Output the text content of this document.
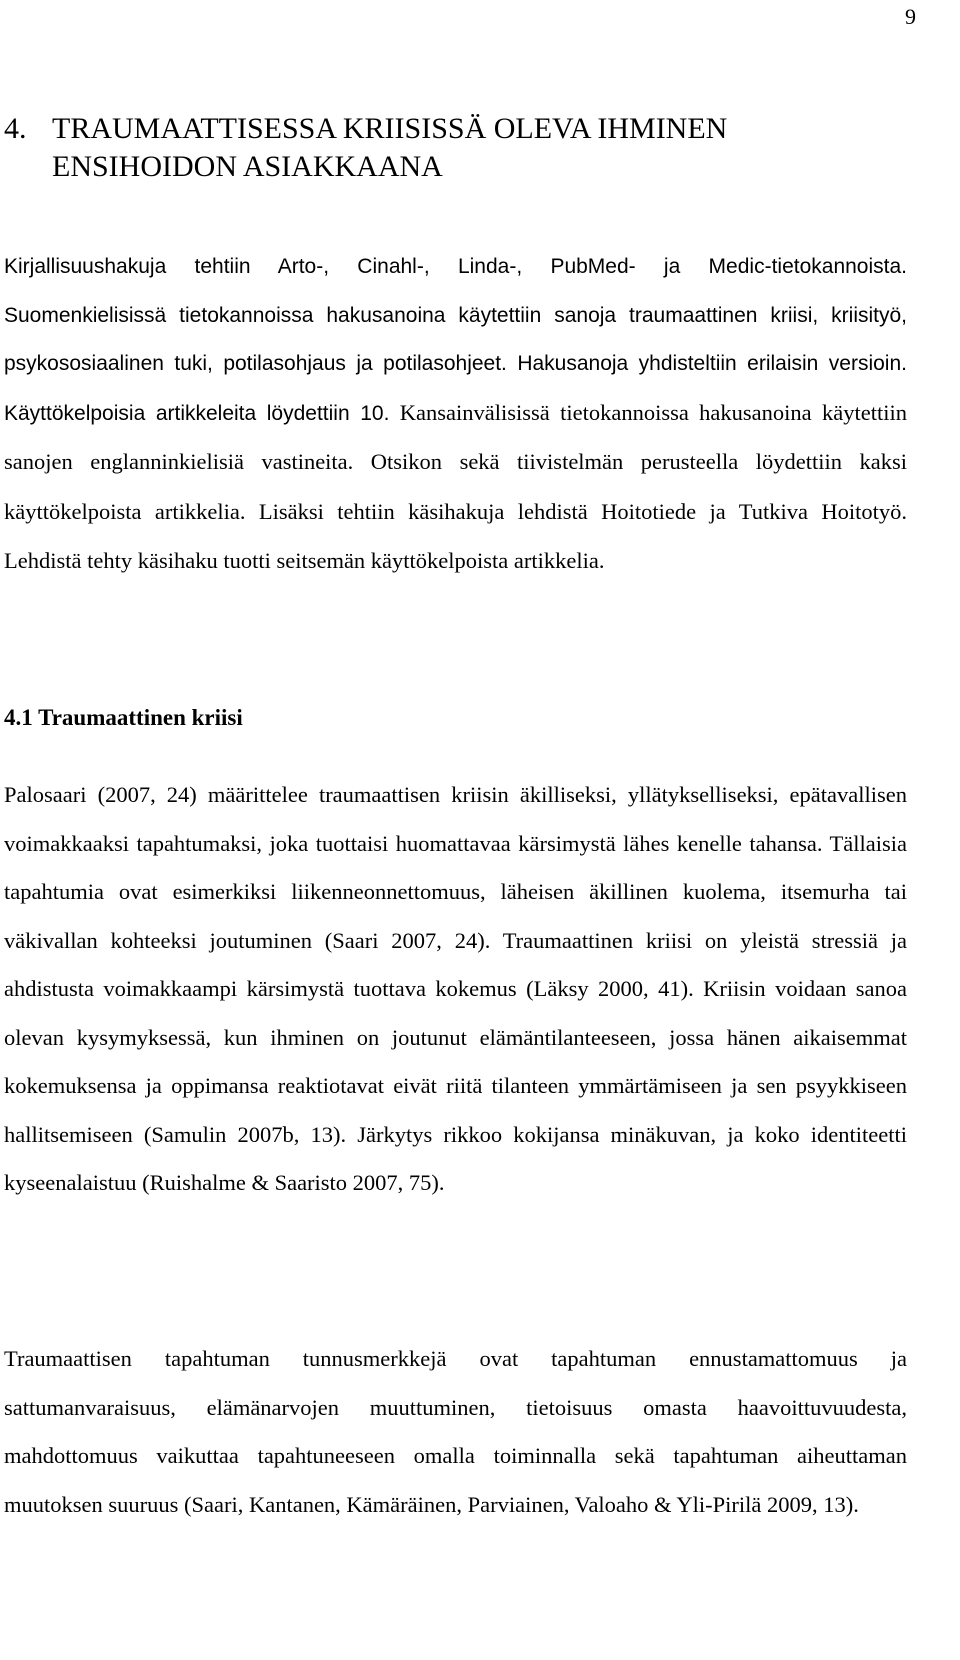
9
4. TRAUMAATTISESSA KRIISISSÄ OLEVA IHMINEN
ENSIHOIDON ASIAKKAANA

Kirjallisuushakuja tehtiin Arto-, Cinahl-, Linda-, PubMed- ja Medic-tietokannoista. Suomenkielisissä tietokannoissa hakusanoina käytettiin sanoja traumaattinen kriisi, kriisityö, psykososiaalinen tuki, potilasohjaus ja potilasohjeet. Hakusanoja yhdisteltiin erilaisin versioin. Käyttökelpoisia artikkeleita löydettiin 10. Kansainvälisissä tietokannoissa hakusanoina käytettiin sanojen englanninkielisiä vastineita. Otsikon sekä tiivistelmän perusteella löydettiin kaksi käyttökelpoista artikkelia. Lisäksi tehtiin käsihakuja lehdistä Hoitotiede ja Tutkiva Hoitotyö. Lehdistä tehty käsihaku tuotti seitsemän käyttökelpoista artikkelia.

4.1 Traumaattinen kriisi

Palosaari (2007, 24) määrittelee traumaattisen kriisin äkilliseksi, yllätykselliseksi, epätavallisen voimakkaaksi tapahtumaksi, joka tuottaisi huomattavaa kärsimystä lähes kenelle tahansa. Tällaisia tapahtumia ovat esimerkiksi liikenneonnettomuus, läheisen äkillinen kuolema, itsemurha tai väkivallan kohteeksi joutuminen (Saari 2007, 24). Traumaattinen kriisi on yleistä stressiä ja ahdistusta voimakkaampi kärsimystä tuottava kokemus (Läksy 2000, 41). Kriisin voidaan sanoa olevan kysymyksessä, kun ihminen on joutunut elämäntilanteeseen, jossa hänen aikaisemmat kokemuksensa ja oppimansa reaktiotavat eivät riitä tilanteen ymmärtämiseen ja sen psyykkiseen hallitsemiseen (Samulin 2007b, 13). Järkytys rikkoo kokijansa minäkuvan, ja koko identiteetti kyseenalaistuu (Ruishalme & Saaristo 2007, 75).

Traumaattisen tapahtuman tunnusmerkkejä ovat tapahtuman ennustamattomuus ja sattumanvaraisuus, elämänarvojen muuttuminen, tietoisuus omasta haavoittuvuudesta, mahdottomuus vaikuttaa tapahtuneeseen omalla toiminnalla sekä tapahtuman aiheuttaman muutoksen suuruus (Saari, Kantanen, Kämäräinen, Parviainen, Valoaho & Yli-Pirilä 2009, 13).
